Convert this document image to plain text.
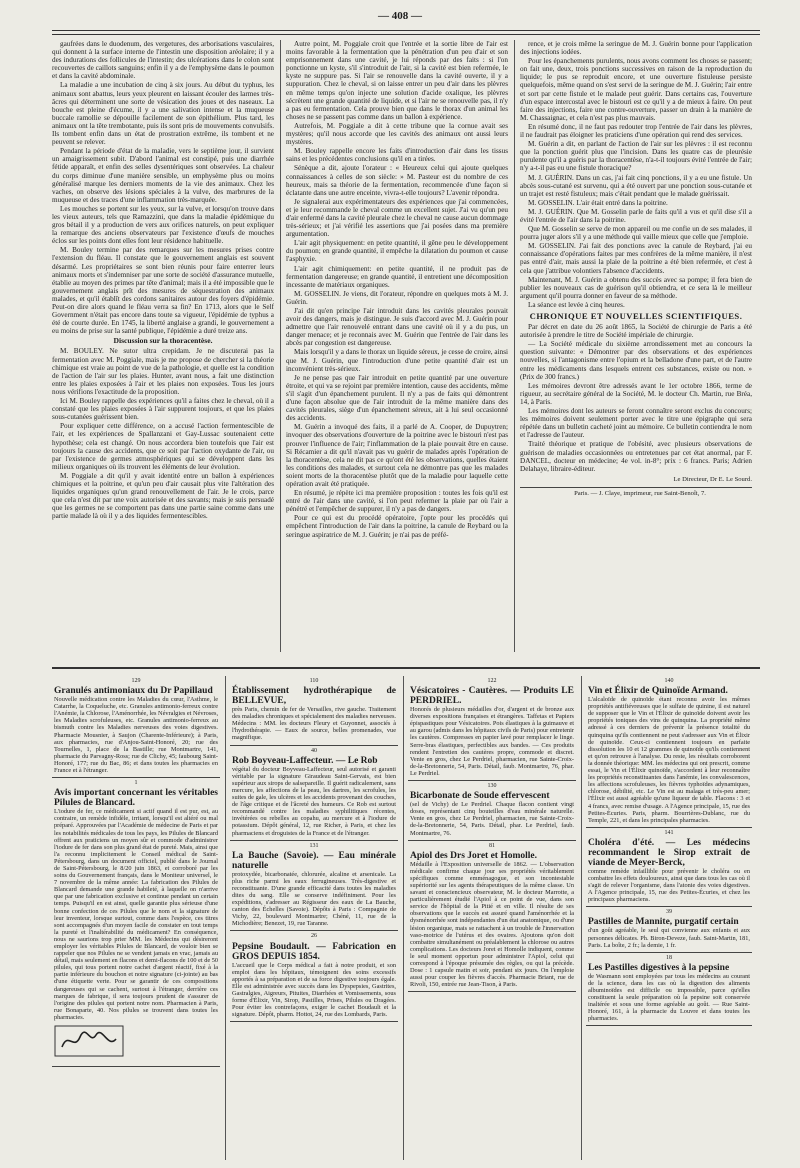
— 408 —

gaufrées dans le duodenum, des vergetures, des arborisations vasculaires, qui donnent à la surface interne de l'intestin une disposition aréolaire; il y a des indurations des follicules de l'intestin; des ulcérations dans le colon sont recouvertes de caillots sanguins; enfin il y a de l'emphysème dans le poumon et dans la cavité abdominale.

La maladie a une incubation de cinq à six jours. Au début du typhus, les animaux sont abattus, leurs yeux pleurent en laissant écouler des larmes très-âcres qui déterminent une sorte de vésication des joues et des naseaux. La bouche est pleine d'écume, il y a une salivation intense et la muqueuse buccale ramollie se dépouille facilement de son épithélium. Plus tard, les animaux ont la tête trembotante, puis ils sont pris de mouvements convulsifs. Ils tombent enfin dans un état de prostration extrême, ils tombent et ne peuvent se relever.

Pendant la période d'état de la maladie, vers le septième jour, il survient un amaigrissement subit. D'abord l'animal est constipé, puis une diarrhée fétide apparaît, et enfin des selles dysentériques sont observées. La chaleur du corps diminue d'une manière sensible, un emphysème plus ou moins généralisé marque les derniers moments de la vie des animaux. Chez les vaches, on observe des lésions spéciales à la vulve, des marbrures de la muqueuse et des traces d'une inflammation très-marquée.

Les mouches se portent sur les yeux, sur la vulve, et lorsqu'on trouve dans les vieux auteurs, tels que Ramazzini, que dans la maladie épidémique du gros bétail il y a production de vers aux orifices naturels, on peut expliquer la remarque des anciens observateurs par l'existence d'œufs de mouches éclos sur les points dont elles font leur résidence habituelle.

M. Bouley termine par des remarques sur les mesures prises contre l'extension du fléau. Il constate que le gouvernement anglais est souvent désarmé. Les propriétaires se sont bien réunis pour faire enterrer leurs animaux morts et s'indemniser par une sorte de société d'assurance mutuelle, établie au moyen des primes par tête d'animal; mais il a été impossible que le gouvernement anglais prît des mesures de séquestration des animaux malades, et qu'il établît des cordons sanitaires autour des foyers d'épidémie. Peut-on dire alors quand le fléau verra sa fin? En 1713, alors que le Self Government n'était pas encore dans toute sa vigueur, l'épidémie de typhus a été de courte durée. En 1745, la liberté anglaise a grandi, le gouvernement a eu moins de prise sur la santé publique, l'épidémie a duré treize ans.

Discussion sur la thoracentèse.

M. BOULEY. Ne sutor ultra crepidam. Je ne discuterai pas la fermentation avec M. Poggiale, mais je me propose de chercher si la théorie chimique est vraie au point de vue de la pathologie, et quelle est la condition de l'action de l'air sur les plaies. Hunter, avant nous, a fait une distinction entre les plaies exposées à l'air et les plaies non exposées. Tous les jours nous vérifions l'exactitude de la proposition.

Ici M. Bouley rappelle des expériences qu'il a faites chez le cheval, où il a constaté que les plaies exposées à l'air suppurent toujours, et que les plaies sous-cutanées guérissent bien.

Pour expliquer cette différence, on a accusé l'action fermentescible de l'air, et les expériences de Spallanzani et Gay-Lussac soutenaient cette hypothèse; cela est changé. On nous accordera bien toutefois que l'air est toujours la cause des accidents, que ce soit par l'action oxydante de l'air, ou par l'existence de germes atmosphériques qui se développent dans les milieux organiques où ils trouvent les éléments de leur évolution.

M. Poggiale a dit qu'il y avait identité entre un ballon à expériences chimiques et la poitrine, et qu'un peu d'air causait plus vite l'altération des liquides organiques qu'un grand renouvellement de l'air. Je le crois, parce que cela n'est dit par une voix autorisée et des savants; mais je suis persuadé que les germes ne se comportent pas dans une partie saine comme dans une partie malade là où il y a des liquides fermentescibles.

Autre point, M. Poggiale croit que l'entrée et la sortie libre de l'air est moins favorable à la fermentation que la pénétration d'un peu d'air et son emprisonnement dans une cavité, je lui réponds par des faits : si l'on ponctionne un kyste, s'il s'introduit de l'air, si la cavité est bien refermée, le kyste ne suppure pas. Si l'air se renouvelle dans la cavité ouverte, il y a suppuration. Chez le cheval, si on laisse entrer un peu d'air dans les plèvres en même temps qu'on injecte une solution d'acide oxalique, les plèvres sécrètent une grande quantité de liquide, et si l'air ne se renouvelle pas, il n'y a pas eu fermentation. Cela prouve bien que dans le thorax d'un animal les choses ne se passent pas comme dans un ballon à expérience.

Autrefois, M. Poggiale a dit à cette tribune que la cornue avait ses mystères; qu'il nous accorde que les cavités des animaux ont aussi leurs mystères.

M. Bouley rappelle encore les faits d'introduction d'air dans les tissus sains et les précédentes conclusions qu'il en a tirées.

Sénèque a dit, ajoute l'orateur : « Heureux celui qui ajoute quelques connaissances à celles de son siècle: » M. Pasteur est du nombre de ces heureux, mais sa théorie de la fermentation, recommencée d'une façon si éclatante dans une autre enceinte, vivra-t-elle toujours? L'avenir répondra.

Je signalerai aux expérimentateurs des expériences que j'ai commencées, et je leur recommande le cheval comme un excellent sujet. J'ai vu qu'un peu d'air enfermé dans la cavité pleurale chez le cheval ne cause aucun dommage très-sérieux; et j'ai vérifié les assertions que j'ai posées dans ma première argumentation.

L'air agit physiquement: en petite quantité, il gêne peu le développement du poumon; en grande quantité, il empêche la dilatation du poumon et cause l'asphyxie.

L'air agit chimiquement: en petite quantité, il ne produit pas de fermentation dangereuse; en grande quantité, il entretient une décomposition incessante de matériaux organiques.

M. GOSSELIN. Je viens, dit l'orateur, répondre en quelques mots à M. J. Guérin.

J'ai dit qu'en principe l'air introduit dans les cavités pleurales pouvait avoir des dangers, mais je distingue. Je suis d'accord avec M. J. Guérin pour admettre que l'air renouvelé entrant dans une cavité où il y a du pus, un danger menace; et je reconnais avec M. Guérin que l'entrée de l'air dans les abcès par congestion est dangereuse.

Mais lorsqu'il y a dans le thorax un liquide séreux, je cesse de croire, ainsi que M. J. Guérin, que l'introduction d'une petite quantité d'air est un inconvénient très-sérieux.

Je ne pense pas que l'air introduit en petite quantité par une ouverture étroite, et qui va se rejoint par première intention, cause des accidents, même s'il s'agit d'un épanchement purulent. Il n'y a pas de faits qui démontrent d'une façon absolue que de l'air introduit de la même manière dans des cavités pleurales, siège d'un épanchement séreux, ait à lui seul occasionné des accidents.

M. Guérin a invoqué des faits, il a parlé de A. Cooper, de Dupuytren; invoquer des observations d'ouverture de la poitrine avec le bistouri n'est pas prouver l'influence de l'air; l'inflammation de la plaie pouvait être en cause. Si Récamier a dit qu'il n'avait pas vu guérir de malades après l'opération de la thoracentèse, cela ne dit pas ce qu'ont été les observations, quelles étaient les conditions des malades, et surtout cela ne démontre pas que les malades soient morts de la thoracentèse plutôt que de la maladie pour laquelle cette opération avait été pratiquée.

En résumé, je répète ici ma première proposition : toutes les fois qu'il est entré de l'air dans une cavité, si l'on peut refermer la plaie par où l'air a pénétré et l'empêcher de suppurer, il n'y a pas de dangers.

Pour ce qui est du procédé opératoire, j'opte pour les procédés qui empêchent l'introduction de l'air dans la poitrine, la canule de Reybard ou la seringue aspiratrice de M. J. Guérin; je n'ai pas de préfé-

rence, et je crois même la seringue de M. J. Guérin bonne pour l'application des injections iodées.

Pour les épanchements purulents, nous avons comment les choses se passent; on fait une, deux, trois ponctions successives en raison de la reproduction du liquide; le pus se reproduit encore, et une ouverture fistuleuse persiste quelquefois, même quand on s'est servi de la seringue de M. J. Guérin; l'air entre et sort par cette fistule et le malade peut guérir. Dans certains cas, l'ouverture d'un espace intercostal avec le bistouri est ce qu'il y a de mieux à faire. On peut faire des injections, faire une contre-ouverture, passer un drain à la manière de M. Chassaignac, et cela n'est pas plus mauvais.

En résumé donc, il ne faut pas redouter trop l'entrée de l'air dans les plèvres, il ne faudrait pas éloigner les praticiens d'une opération qui rend des services.

M. Guérin a dit, en parlant de l'action de l'air sur les plèvres : il est reconnu que la ponction guérit plus que l'incision. Dans les quatre cas de pleurésie purulente qu'il a guéris par la thoracentèse, n'a-t-il toujours évité l'entrée de l'air; n'y a-t-il pas eu une fistule thoracique?

M. J. GUÉRIN. Dans un cas, j'ai fait cinq ponctions, il y a eu une fistule. Un abcès sous-cutané est survenu, qui a été ouvert par une ponction sous-cutanée et un trajet est resté fistuleux; mais c'était pendant que le malade guérissait.

M. GOSSELIN. L'air était entré dans la poitrine.

M. J. GUÉRIN. Que M. Gosselin parle de faits qu'il a vus et qu'il dise s'il a évité l'entrée de l'air dans la poitrine.

Que M. Gosselin se serve de mon appareil ou me confie un de ses malades, il pourra juger alors s'il y a une méthode qui vaille mieux que celle que j'emploie.

M. GOSSELIN. J'ai fait des ponctions avec la canule de Reybard, j'ai eu connaissance d'opérations faites par mes confrères de la même manière, il n'est pas entré d'air, mais aussi la plaie de la poitrine a été bien refermée, et c'est à cela que j'attribue volontiers l'absence d'accidents.

Maintenant, M. J. Guérin a obtenu des succès avec sa pompe; il fera bien de publier les nouveaux cas de guérison qu'il obtiendra, et ce sera là le meilleur argument qu'il pourra donner en faveur de sa méthode.

La séance est levée à cinq heures.

CHRONIQUE ET NOUVELLES SCIENTIFIQUES.

Par décret en date du 26 août 1865, la Société de chirurgie de Paris a été autorisée à prendre le titre de Société impériale de chirurgie.

— La Société médicale du sixième arrondissement met au concours la question suivante: « Démontrer par des observations et des expériences nouvelles, si l'antagonisme entre l'opium et la belladone d'une part, et de l'autre entre les médicaments dans lesquels entrent ces substances, existe ou non. » (Prix de 300 francs.)

Les mémoires devront être adressés avant le 1er octobre 1866, terme de rigueur, au secrétaire général de la Société, M. le docteur Ch. Martin, rue Bréa, 14, à Paris.

Les mémoires dont les auteurs se feront connaître seront exclus du concours; les mémoires doivent seulement porter avec le titre une épigraphe qui sera répétée dans un bulletin cacheté joint au mémoire. Ce bulletin contiendra le nom et l'adresse de l'auteur.

Traité théorique et pratique de l'obésité, avec plusieurs observations de guérison de maladies occasionnées ou entretenues par cet état anormal, par F. DANCEL, docteur en médecine; 4e vol. in-8°; prix : 6 francs. Paris; Adrien Delahaye, libraire-éditeur.

Le Directeur, Dr E. Le Sourd.

Paris. — J. Claye, imprimeur, rue Saint-Benoît, 7.

129
Granulés antimoniaux du Dr Papillaud
Nouvelle médication contre les Maladies du cœur, l'Asthme, le Catarrhe, la Coqueluche, etc. Granules antimonio-ferreux contre l'Anémie, la Chlorose, l'Aménorrhée, les Névralgies et Névroses, les Maladies scrofuleuses, etc. Granules antimonio-ferreux au bismuth contre les Maladies nerveuses des voies digestives. Pharmacie Mousnier, à Saujon (Charente-Inférieure); à Paris, aux pharmacies, rue d'Anjou-Saint-Honoré, 20; rue des Tournelles, 1, place de la Bastille; rue Montmartre, 141, pharmacie du Parvagny-Ross; rue de Clichy, 45; faubourg Saint-Honoré, 177; rue du Bac, 86; et dans toutes les pharmacies en France et à l'étranger.
1
Avis important concernant les véritables Pilules de Blancard.
L'iodure de fer, ce médicament si actif quand il est pur, est, au contraire, un remède infidèle, irritant, lorsqu'il est altéré ou mal préparé. Approuvées par l'Académie de médecine de Paris et par les notabilités médicales de tous les pays, les Pilules de Blancard offrent aux praticiens un moyen sûr et commode d'administrer l'iodure de fer dans son plus grand état de pureté. Mais, ainsi que l'a reconnu implicitement le Conseil médical de Saint-Pétersbourg, dans un document officiel, publié dans le Journal de Saint-Pétersbourg, le 8/20 juin 1863, et corroboré par les soins du Gouvernement français, dans le Moniteur universel, le 7 novembre de la même année: La fabrication des Pilules de Blancard demande une grande habileté, à laquelle on n'arrive que par une fabrication exclusive et continue pendant un certain temps. Puisqu'il en est ainsi, quelle garantie plus sérieuse d'une bonne confection de ces Pilules que le nom et la signature de leur inventeur, lorsque surtout, comme dans l'espèce, ces titres sont accompagnés d'un moyen facile de constater en tout temps la pureté et l'inaltérabilité du médicament? En conséquence, nous ne saurions trop prier MM. les Médecins qui désireront employer les véritables Pilules de Blancard, de vouloir bien se rappeler que nos Pilules ne se vendent jamais en vrac, jamais au détail, mais seulement en flacons et demi-flacons de 100 et de 50 pilules, qui tous portent notre cachet d'argent réactif, fixé à la partie inférieure du bouchon et notre signature (ci-jointe) au bas d'une étiquette verte. Pour se garantir de ces compositions dangereuses qui se cachent, surtout à l'étranger, derrière ces marques de fabrique, il sera toujours prudent de s'assurer de l'origine des pilules qui portent notre nom. Pharmacien à Paris, rue Bonaparte, 40. Nos pilules se trouvent dans toutes les pharmacies.
110
Établissement hydrothérapique de BELLEVUE,
près Paris, chemin de fer de Versailles, rive gauche. Traitement des maladies chroniques et spécialement des maladies nerveuses. Médecins : MM. les docteurs Fleury et Guyonnet, associés à l'hydrothérapie. — Eaux de source, belles promenades, vue magnifique.
40
Rob Boyveau-Laffecteur. — Le Rob
végétal du docteur Boyveau-Laffecteur, seul autorisé et garanti véritable par la signature Giraudeau Saint-Gervais, est bien supérieur aux sirops de salsepareille. Il guérit radicalement, sans mercure, les affections de la peau, les dartres, les scrofules, les suites de gale, les ulcères et les accidents provenant des couches, de l'âge critique et de l'âcreté des humeurs. Ce Rob est surtout recommandé contre les maladies syphilitiques récentes, invétérées ou rebelles au copahu, au mercure et à l'iodure de potassium. Dépôt général, 12, rue Richer, à Paris, et chez les pharmaciens et droguistes de la France et de l'étranger.
131
La Bauche (Savoie). — Eau minérale naturelle
protoxydée, bicarbonatée, chlorurée, alcaline et arsenicale. La plus riche parmi les eaux ferrugineuses. Très-digestive et reconstituante. D'une grande efficacité dans toutes les maladies dites du sang. Elle se conserve indéfiniment. Pour les expéditions, s'adresser au Régisseur des eaux de La Bauche, canton des Échelles (Savoie). Dépôts à Paris : Compagnie de Vichy, 22, boulevard Montmartre; Chéné, 11, rue de la Michodière; Benezet, 19, rue Taranne.
26
Pepsine Boudault. — Fabrication en GROS DEPUIS 1854.
L'accueil que le Corps médical a fait à notre produit, et son emploi dans les hôpitaux, témoignent des soins excessifs apportés à sa préparation et de sa force digestive toujours égale. Elle est administrée avec succès dans les Dyspepsies, Gastrites, Gastralgies, Aigreurs, Pituites, Diarrhées et Vomissements, sous forme d'Élixir, Vin, Sirop, Pastilles, Prises, Pilules ou Dragées. Pour éviter les contrefaçons, exiger le cachet Boudault et la signature. Dépôt, pharm. Hottot, 24, rue des Lombards, Paris.
122
Vésicatoires - Cautères. — Produits LE PERDRIEL.
Honorés de plusieurs médailles d'or, d'argent et de bronze aux diverses expositions françaises et étrangères. Taffetas et Papiers épispastiques pour Vésicatoires. Pois élastiques à la guimauve et au garou (admis dans les hôpitaux civils de Paris) pour entretenir les cautères. Compresses en papier lavé pour remplacer le linge. Serre-bras élastiques, perfectibles aux bandes. — Ces produits rendent l'entretien des cautères propre, commode et discret. Vente en gros, chez Le Perdriel, pharmacien, rue Sainte-Croix-de-la-Bretonnerie, 54, Paris. Détail, faub. Montmartre, 76, phar. Le Perdriel.
130
Bicarbonate de Soude effervescent
(sel de Vichy) de Le Perdriel. Chaque flacon contient vingt doses, représentant cinq bouteilles d'eau minérale naturelle. Vente en gros, chez Le Perdriel, pharmacien, rue Sainte-Croix-de-la-Bretonnerie, 54, Paris. Détail, phar. Le Perdriel, faub. Montmartre, 76.
81
Apiol des Drs Joret et Homolle.
Médaille à l'Exposition universelle de 1862. — L'observation médicale confirme chaque jour ses propriétés véritablement spécifiques comme emménagogue, et son incontestable supériorité sur les agents thérapeutiques de la même classe. Un savant et consciencieux observateur, M. le docteur Marrotte, a particulièrement étudié l'Apiol à ce point de vue, dans son service de l'hôpital de la Pitié et en ville. Il résulte de ses observations que le succès est assuré quand l'aménorrhée et la dysménorrhée sont indépendantes d'un état anatomique, ou d'une lésion organique, mais se rattachent à un trouble de l'innervation vaso-motrice de l'utérus et des ovaires. Ajoutons qu'on doit combattre simultanément ou préalablement la chlorose ou autres complications. Les docteurs Joret et Homolle indiquent, comme le seul moment opportun pour administrer l'Apiol, celui qui correspond à l'époque présumée des règles, ou qui la précède. Dose : 1 capsule matin et soir, pendant six jours. On l'emploie aussi pour couper les fièvres d'accès. Pharmacie Briant, rue de Rivoli, 150, entrée rue Jean-Tison, à Paris.
140
Vin et Élixir de Quinoïde Armand.
L'alcaloïde de quinoïde étant reconnu avoir les mêmes propriétés antifiévreuses que le sulfate de quinine, il est naturel de supposer que le Vin et l'Élixir de quinoïde doivent avoir les propriétés toniques des vins de quinquina. La propriété même adressé à ces derniers de prévenir la présence totalité du quinquina qu'ils contiennent ne peut s'adresser aux Vin et Élixir de quinoïde. Ceux-ci contiennent toujours en parfaite dissolution les 10 et 12 grammes de quinoïde qu'ils contiennent et qu'on retrouve à l'analyse. Du reste, les résultats corroborent la donnée théorique: MM. les médecins qui ont prescrit, comme essai, le Vin et l'Élixir quinoïde, s'accordent à leur reconnaître les propriétés reconstituantes dans l'anémie, les convalescences, les affections scrofuleuses, les fièvres typhoïdes adynamiques, chlorose, débilité, etc. Le Vin est au malaga et très-peu amer; l'Élixir est aussi agréable qu'une liqueur de table. Flacons : 3 et 4 francs, avec remise d'usage. A l'Agence principale, 15, rue des Petites-Écuries. Paris, pharm. Bourrières-Dublanc, rue du Temple, 221, et dans les principales pharmacies.
141
Choléra d'été. — Les médecins recommandent le Sirop extrait de viande de Meyer-Berck,
comme remède infaillible pour prévenir le choléra ou en combattre les effets douloureux, ainsi que dans tous les cas où il s'agit de relever l'organisme, dans l'atonie des voies digestives. A l'Agence principale, 15, rue des Petites-Écuries, et chez les principaux pharmaciens.
39
Pastilles de Mannite, purgatif certain
d'un goût agréable, le seul qui convienne aux enfants et aux personnes délicates. Ph. Biron-Deveze, faub. Saint-Martin, 181, Paris. La boîte, 2 fr.; la demie, 1 fr.
18
Les Pastilles digestives à la pepsine
de Wasmann sont employées par tous les médecins au courant de la science, dans les cas où la digestion des aliments albuminoïdes est difficile ou impossible, parce qu'elles constituent la seule préparation où la pepsine soit conservée inaltérée et sous une forme agréable au goût. — Rue Saint-Honoré, 161, à la pharmacie du Louvre et dans toutes les pharmacies.
